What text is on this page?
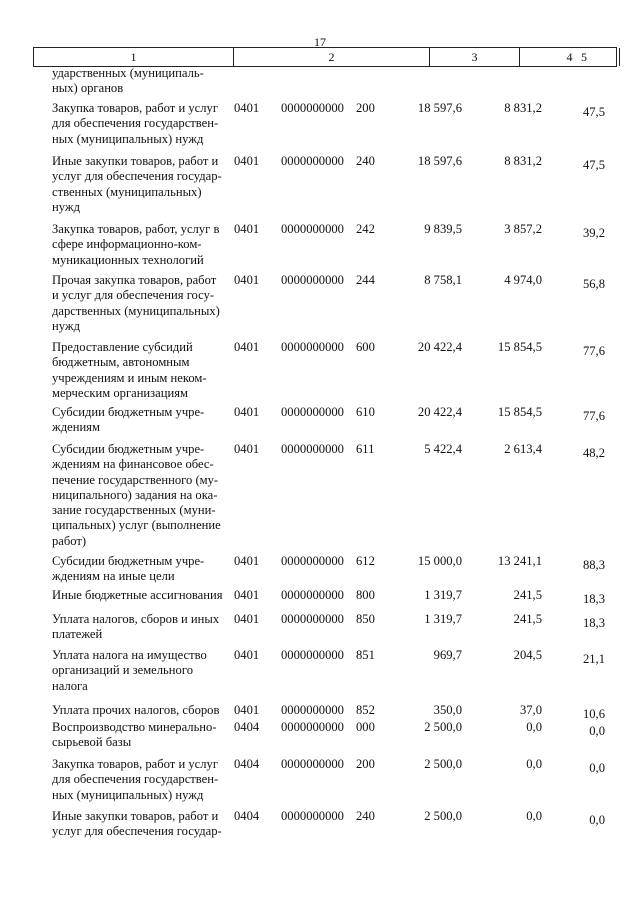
17
1	2	3	4 5
ударственных (муниципаль-
ных) органов
Закупка товаров, работ и услуг
для обеспечения государствен-
ных (муниципальных) нужд
0401	0000000000 200	18 597,6	8 831,2	47,5
Иные закупки товаров, работ и
услуг для обеспечения государ-
ственных (муниципальных)
нужд
0401	0000000000 240	18 597,6	8 831,2	47,5
Закупка товаров, работ, услуг в
сфере информационно-ком-
муникационных технологий
0401	0000000000 242	9 839,5	3 857,2	39,2
Прочая закупка товаров, работ
и услуг для обеспечения госу-
дарственных (муниципальных)
нужд
0401	0000000000 244	8 758,1	4 974,0	56,8
Предоставление субсидий
бюджетным, автономным
учреждениям и иным неком-
мерческим организациям
0401	0000000000 600	20 422,4	15 854,5	77,6
Субсидии бюджетным учре-
ждениям
0401	0000000000 610	20 422,4	15 854,5	77,6
Субсидии бюджетным учре-
ждениям на финансовое обес-
печение государственного (му-
ниципального) задания на ока-
зание государственных (муни-
ципальных) услуг (выполнение
работ)
0401	0000000000 611	5 422,4	2 613,4	48,2
Субсидии бюджетным учре-
ждениям на иные цели
0401	0000000000 612	15 000,0	13 241,1	88,3
Иные бюджетные ассигнования 0401	0000000000 800	1 319,7	241,5	18,3
Уплата налогов, сборов и иных
платежей
0401	0000000000 850	1 319,7	241,5	18,3
Уплата налога на имущество
организаций и земельного
налога
0401	0000000000 851	969,7	204,5	21,1
Уплата прочих налогов, сборов	0401	0000000000 852	350,0	37,0	10,6
Воспроизводство минерально-
сырьевой базы
0404	0000000000 000	2 500,0	0,0	0,0
Закупка товаров, работ и услуг
для обеспечения государствен-
ных (муниципальных) нужд
0404	0000000000 200	2 500,0	0,0	0,0
Иные закупки товаров, работ и
услуг для обеспечения государ-
0404	0000000000 240	2 500,0	0,0	0,0
